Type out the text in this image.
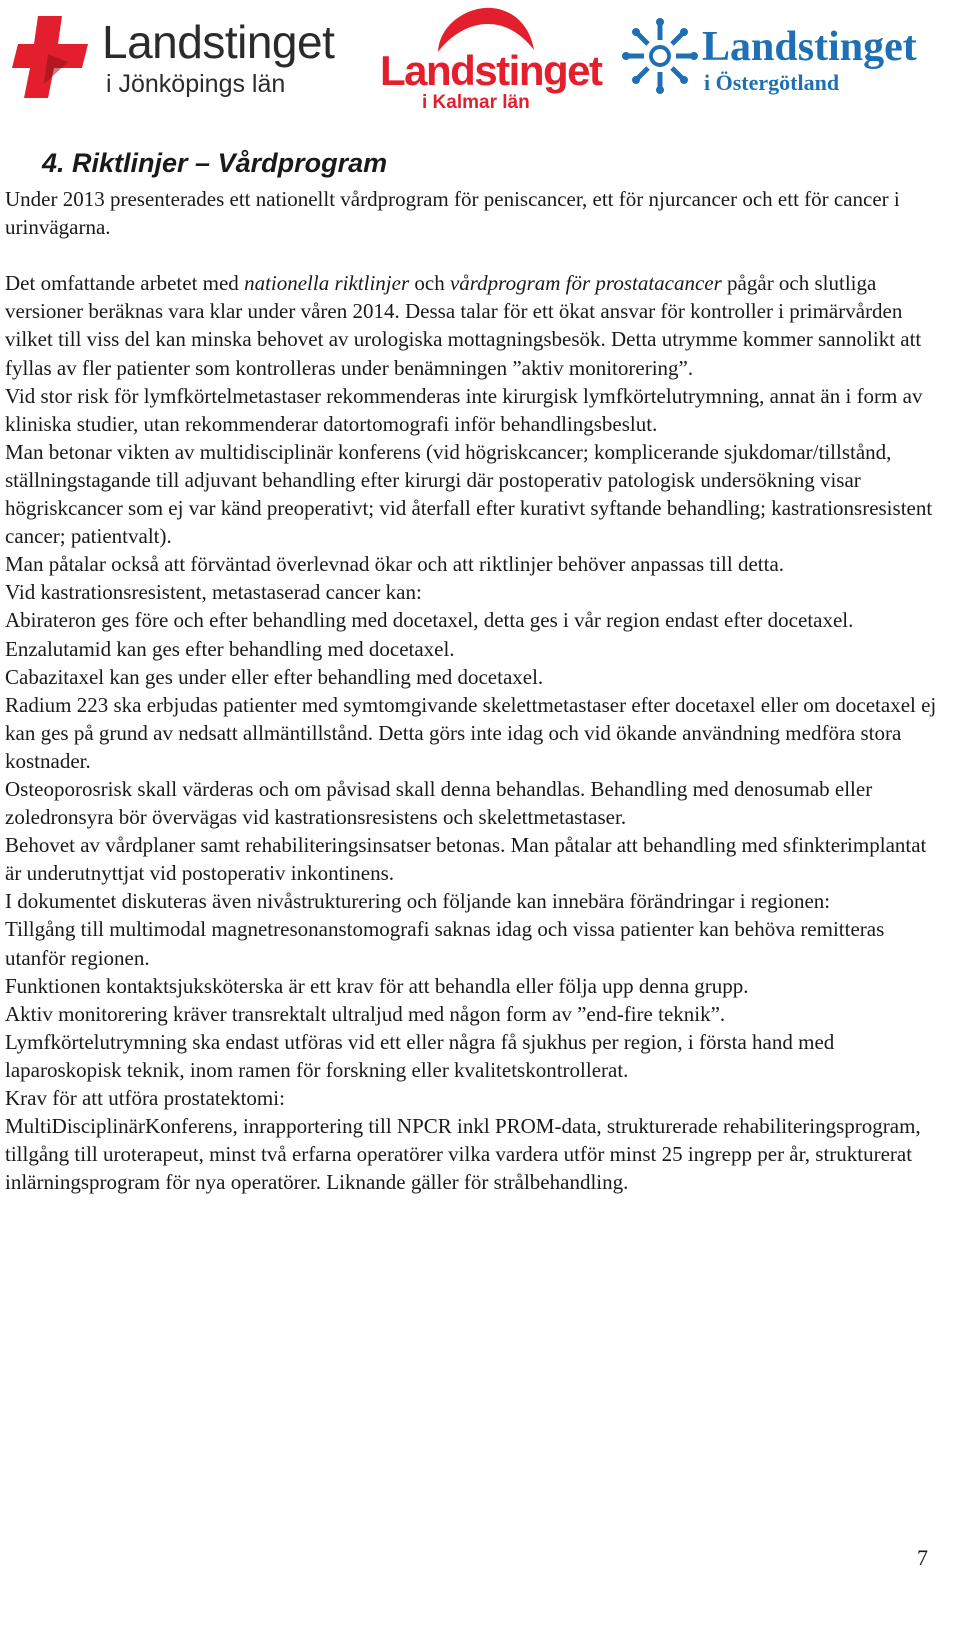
Landstinget
i Jönköpings län Landstinget
i Kalmar län
Landstinget
i Östergötland
4. Riktlinjer – Vårdprogram

Under 2013 presenterades ett nationellt vårdprogram för peniscancer, ett för njurcancer och ett för cancer i urinvägarna.

Det omfattande arbetet med nationella riktlinjer och vårdprogram för prostatacancer pågår och slutliga versioner beräknas vara klar under våren 2014. Dessa talar för ett ökat ansvar för kontroller i primärvården vilket till viss del kan minska behovet av urologiska mottagningsbesök. Detta utrymme kommer sannolikt att fyllas av fler patienter som kontrolleras under benämningen ”aktiv monitorering”.

Vid stor risk för lymfkörtelmetastaser rekommenderas inte kirurgisk lymfkörtelutrymning, annat än i form av kliniska studier, utan rekommenderar datortomografi inför behandlingsbeslut.

Man betonar vikten av multidisciplinär konferens (vid högriskcancer; komplicerande sjukdomar/tillstånd, ställningstagande till adjuvant behandling efter kirurgi där postoperativ patologisk undersökning visar högriskcancer som ej var känd preoperativt; vid återfall efter kurativt syftande behandling; kastrationsresistent cancer; patientvalt).

Man påtalar också att förväntad överlevnad ökar och att riktlinjer behöver anpassas till detta.

Vid kastrationsresistent, metastaserad cancer kan:

Abirateron ges före och efter behandling med docetaxel, detta ges i vår region endast efter docetaxel.

Enzalutamid kan ges efter behandling med docetaxel.

Cabazitaxel kan ges under eller efter behandling med docetaxel.

Radium 223 ska erbjudas patienter med symtomgivande skelettmetastaser efter docetaxel eller om docetaxel ej kan ges på grund av nedsatt allmäntillstånd. Detta görs inte idag och vid ökande användning medföra stora kostnader.

Osteoporosrisk skall värderas och om påvisad skall denna behandlas. Behandling med denosumab eller zoledronsyra bör övervägas vid kastrationsresistens och skelettmetastaser.

Behovet av vårdplaner samt rehabiliteringsinsatser betonas. Man påtalar att behandling med sfinkterimplantat är underutnyttjat vid postoperativ inkontinens.

I dokumentet diskuteras även nivåstrukturering och följande kan innebära förändringar i regionen:

Tillgång till multimodal magnetresonanstomografi saknas idag och vissa patienter kan behöva remitteras utanför regionen.

Funktionen kontaktsjuksköterska är ett krav för att behandla eller följa upp denna grupp.

Aktiv monitorering kräver transrektalt ultraljud med någon form av ”end-fire teknik”.

Lymfkörtelutrymning ska endast utföras vid ett eller några få sjukhus per region, i första hand med laparoskopisk teknik, inom ramen för forskning eller kvalitetskontrollerat.

Krav för att utföra prostatektomi:

MultiDisciplinärKonferens, inrapportering till NPCR inkl PROM-data, strukturerade rehabiliteringsprogram, tillgång till uroterapeut, minst två erfarna operatörer vilka vardera utför minst 25 ingrepp per år, strukturerat inlärningsprogram för nya operatörer. Liknande gäller för strålbehandling.

7
